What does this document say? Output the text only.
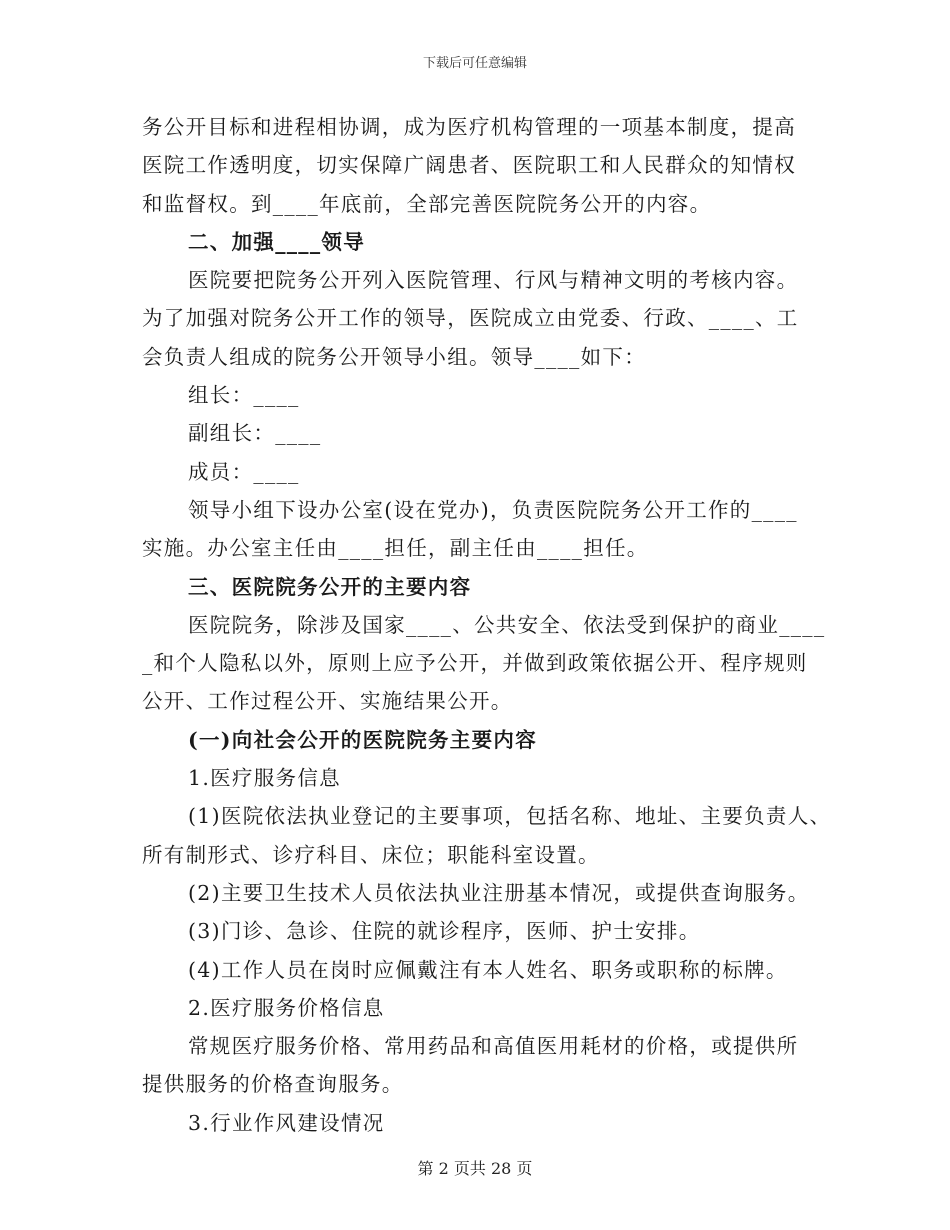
下载后可任意编辑

务公开目标和进程相协调，成为医疗机构管理的一项基本制度，提高

医院工作透明度，切实保障广阔患者、医院职工和人民群众的知情权

和监督权。到____年底前，全部完善医院院务公开的内容。

二、加强____领导

医院要把院务公开列入医院管理、行风与精神文明的考核内容。

为了加强对院务公开工作的领导，医院成立由党委、行政、____、工

会负责人组成的院务公开领导小组。领导____如下：

组长：____

副组长：____

成员：____

领导小组下设办公室(设在党办)，负责医院院务公开工作的____

实施。办公室主任由____担任，副主任由____担任。

三、医院院务公开的主要内容

医院院务，除涉及国家____、公共安全、依法受到保护的商业____

_和个人隐私以外，原则上应予公开，并做到政策依据公开、程序规则

公开、工作过程公开、实施结果公开。

(一)向社会公开的医院院务主要内容

1.医疗服务信息

(1)医院依法执业登记的主要事项，包括名称、地址、主要负责人、

所有制形式、诊疗科目、床位；职能科室设置。

(2)主要卫生技术人员依法执业注册基本情况，或提供查询服务。

(3)门诊、急诊、住院的就诊程序，医师、护士安排。

(4)工作人员在岗时应佩戴注有本人姓名、职务或职称的标牌。

2.医疗服务价格信息

常规医疗服务价格、常用药品和高值医用耗材的价格，或提供所

提供服务的价格查询服务。

3.行业作风建设情况

第 2 页共 28 页
